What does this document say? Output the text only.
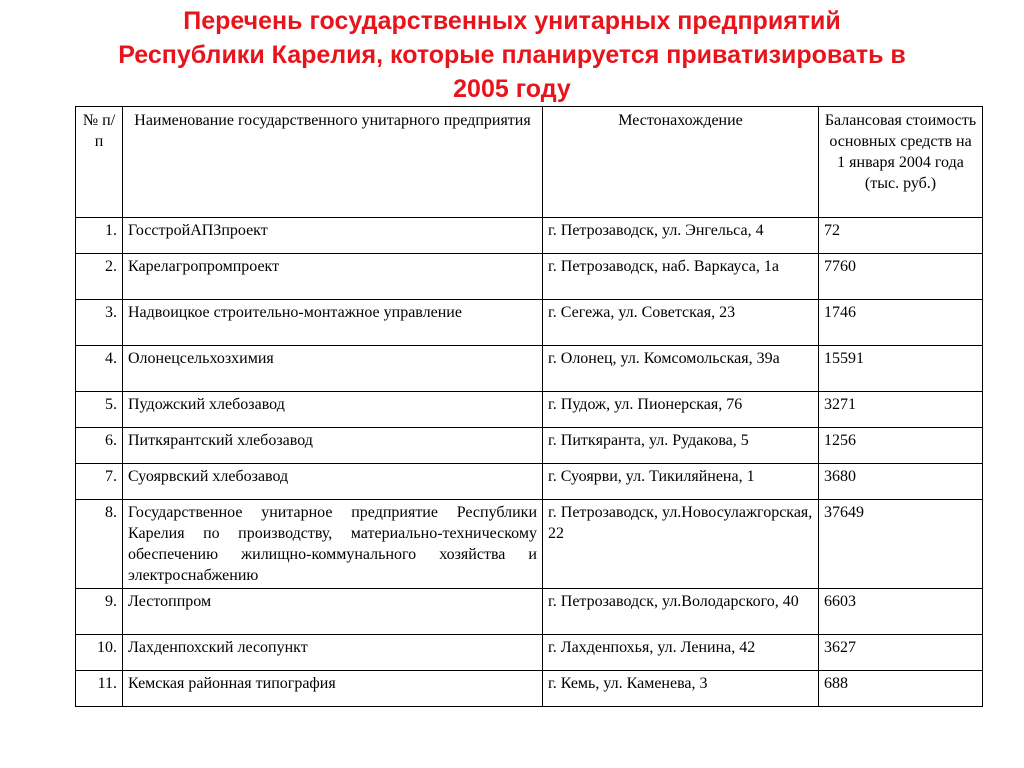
Перечень государственных унитарных предприятий
Республики Карелия, которые планируется приватизировать в
2005 году
№ п/п	Наименование государственного унитарного предприятия	Местонахождение	Балансовая стоимость основных средств на 1 января 2004 года (тыс. руб.)
1.	ГосстройАПЗпроект	г. Петрозаводск, ул. Энгельса, 4	72
2.	Карелагропромпроект	г. Петрозаводск, наб. Варкауса, 1а	7760
3.	Надвоицкое строительно-монтажное управление	г. Сегежа, ул. Советская, 23	1746
4.	Олонецсельхозхимия	г. Олонец, ул. Комсомольская, 39а	15591
5.	Пудожский хлебозавод	г. Пудож, ул. Пионерская, 76	3271
6.	Питкярантский хлебозавод	г. Питкяранта, ул. Рудакова, 5	1256
7.	Суоярвский хлебозавод	г. Суоярви, ул. Тикиляйнена, 1	3680
8.	Государственное унитарное предприятие Республики Карелия по производству, материально-техническому обеспечению жилищно-коммунального хозяйства и электроснабжению	г. Петрозаводск, ул.Новосулажгорская, 22	37649
9.	Лестоппром	г. Петрозаводск, ул.Володарского, 40	6603
10.	Лахденпохский лесопункт	г. Лахденпохья, ул. Ленина, 42	3627
11.	Кемская районная типография	г. Кемь, ул. Каменева, 3	688
